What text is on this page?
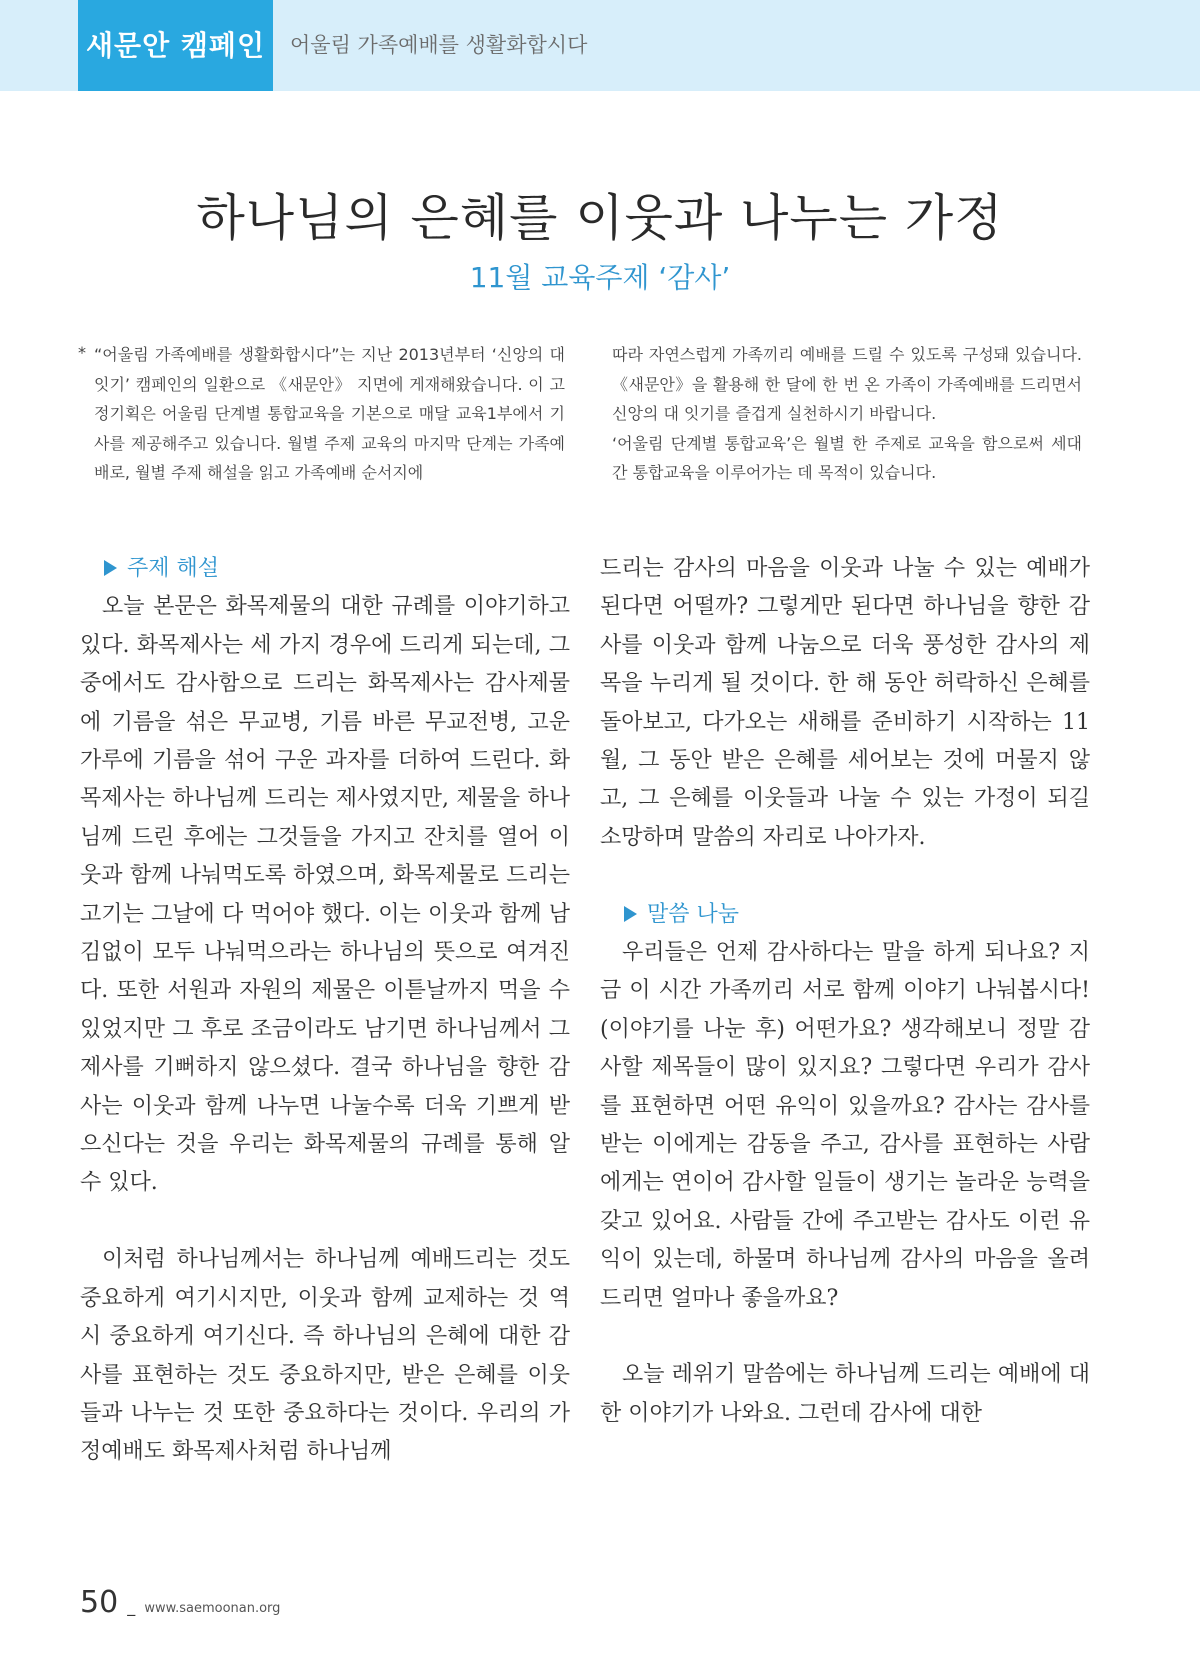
새문안 캠페인	어울림 가족예배를 생활화합시다
하나님의 은혜를 이웃과 나누는 가정
11월 교육주제 ‘감사’
* “어울림 가족예배를 생활화합시다”는 지난 2013년부터 ‘신앙의 대 잇기’ 캠페인의 일환으로 《새문안》 지면에 게재해왔습니다. 이 고정기획은 어울림 단계별 통합교육을 기본으로 매달 교육1부에서 기사를 제공해주고 있습니다. 월별 주제 교육의 마지막 단계는 가족예배로, 월별 주제 해설을 읽고 가족예배 순서지에

따라 자연스럽게 가족끼리 예배를 드릴 수 있도록 구성돼 있습니다. 《새문안》을 활용해 한 달에 한 번 온 가족이 가족예배를 드리면서 신앙의 대 잇기를 즐겁게 실천하시기 바랍니다.

‘어울림 단계별 통합교육’은 월별 한 주제로 교육을 함으로써 세대 간 통합교육을 이루어가는 데 목적이 있습니다.

주제 해설

오늘 본문은 화목제물의 대한 규례를 이야기하고 있다. 화목제사는 세 가지 경우에 드리게 되는데, 그중에서도 감사함으로 드리는 화목제사는 감사제물에 기름을 섞은 무교병, 기름 바른 무교전병, 고운 가루에 기름을 섞어 구운 과자를 더하여 드린다. 화목제사는 하나님께 드리는 제사였지만, 제물을 하나님께 드린 후에는 그것들을 가지고 잔치를 열어 이웃과 함께 나눠먹도록 하였으며, 화목제물로 드리는 고기는 그날에 다 먹어야 했다. 이는 이웃과 함께 남김없이 모두 나눠먹으라는 하나님의 뜻으로 여겨진다. 또한 서원과 자원의 제물은 이튿날까지 먹을 수 있었지만 그 후로 조금이라도 남기면 하나님께서 그 제사를 기뻐하지 않으셨다. 결국 하나님을 향한 감사는 이웃과 함께 나누면 나눌수록 더욱 기쁘게 받으신다는 것을 우리는 화목제물의 규례를 통해 알 수 있다.

이처럼 하나님께서는 하나님께 예배드리는 것도 중요하게 여기시지만, 이웃과 함께 교제하는 것 역시 중요하게 여기신다. 즉 하나님의 은혜에 대한 감사를 표현하는 것도 중요하지만, 받은 은혜를 이웃들과 나누는 것 또한 중요하다는 것이다. 우리의 가정예배도 화목제사처럼 하나님께

드리는 감사의 마음을 이웃과 나눌 수 있는 예배가 된다면 어떨까? 그렇게만 된다면 하나님을 향한 감사를 이웃과 함께 나눔으로 더욱 풍성한 감사의 제목을 누리게 될 것이다. 한 해 동안 허락하신 은혜를 돌아보고, 다가오는 새해를 준비하기 시작하는 11월, 그 동안 받은 은혜를 세어보는 것에 머물지 않고, 그 은혜를 이웃들과 나눌 수 있는 가정이 되길 소망하며 말씀의 자리로 나아가자.

말씀 나눔

우리들은 언제 감사하다는 말을 하게 되나요? 지금 이 시간 가족끼리 서로 함께 이야기 나눠봅시다! (이야기를 나눈 후) 어떤가요? 생각해보니 정말 감사할 제목들이 많이 있지요? 그렇다면 우리가 감사를 표현하면 어떤 유익이 있을까요? 감사는 감사를 받는 이에게는 감동을 주고, 감사를 표현하는 사람에게는 연이어 감사할 일들이 생기는 놀라운 능력을 갖고 있어요. 사람들 간에 주고받는 감사도 이런 유익이 있는데, 하물며 하나님께 감사의 마음을 올려드리면 얼마나 좋을까요?

오늘 레위기 말씀에는 하나님께 드리는 예배에 대한 이야기가 나와요. 그런데 감사에 대한

50 _ www.saemoonan.org
